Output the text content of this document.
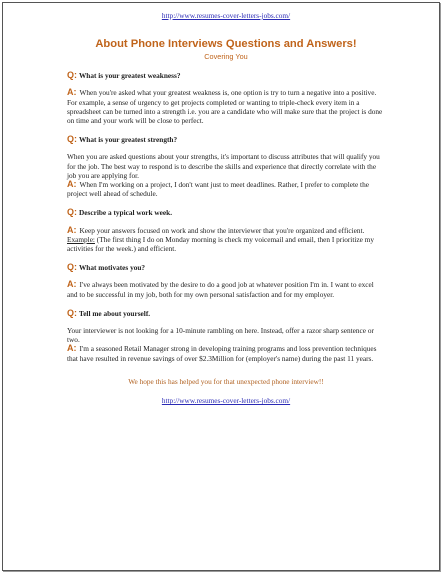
http://www.resumes-cover-letters-jobs.com/
About Phone Interviews Questions and Answers!
Covering You
Q: What is your greatest weakness?
A: When you're asked what your greatest weakness is, one option is try to turn a negative into a positive. For example, a sense of urgency to get projects completed or wanting to triple-check every item in a spreadsheet can be turned into a strength i.e. you are a candidate who will make sure that the project is done on time and your work will be close to perfect.
Q: What is your greatest strength?
When you are asked questions about your strengths, it's important to discuss attributes that will qualify you for the job. The best way to respond is to describe the skills and experience that directly correlate with the job you are applying for.
A: When I'm working on a project, I don't want just to meet deadlines. Rather, I prefer to complete the project well ahead of schedule.
Q: Describe a typical work week.
A: Keep your answers focused on work and show the interviewer that you're organized and efficient. Example: (The first thing I do on Monday morning is check my voicemail and email, then I prioritize my activities for the week.) and efficient.
Q: What motivates you?
A: I've always been motivated by the desire to do a good job at whatever position I'm in. I want to excel and to be successful in my job, both for my own personal satisfaction and for my employer.
Q: Tell me about yourself.
Your interviewer is not looking for a 10-minute rambling on here. Instead, offer a razor sharp sentence or two.
A: I'm a seasoned Retail Manager strong in developing training programs and loss prevention techniques that have resulted in revenue savings of over $2.3Million for (employer's name) during the past 11 years.
We hope this has helped you for that unexpected phone interview!!
http://www.resumes-cover-letters-jobs.com/
